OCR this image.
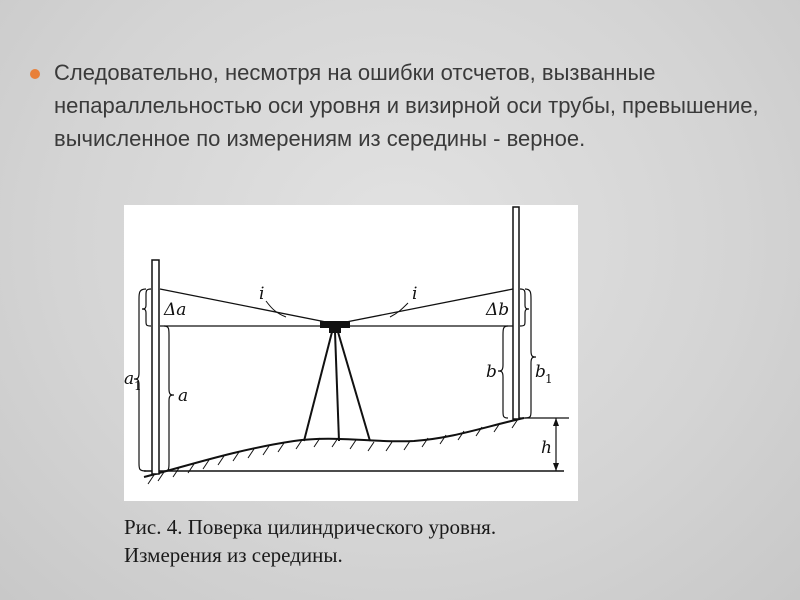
Следовательно, несмотря на ошибки отсчетов, вызванные непараллельностью оси уровня и визирной оси трубы, превышение, вычисленное по измерениям из середины - верное.
Δa
i	i
Δb
a 1 a
b b 1
h
Рис. 4. Поверка цилиндрического уровня.
Измерения из середины.
